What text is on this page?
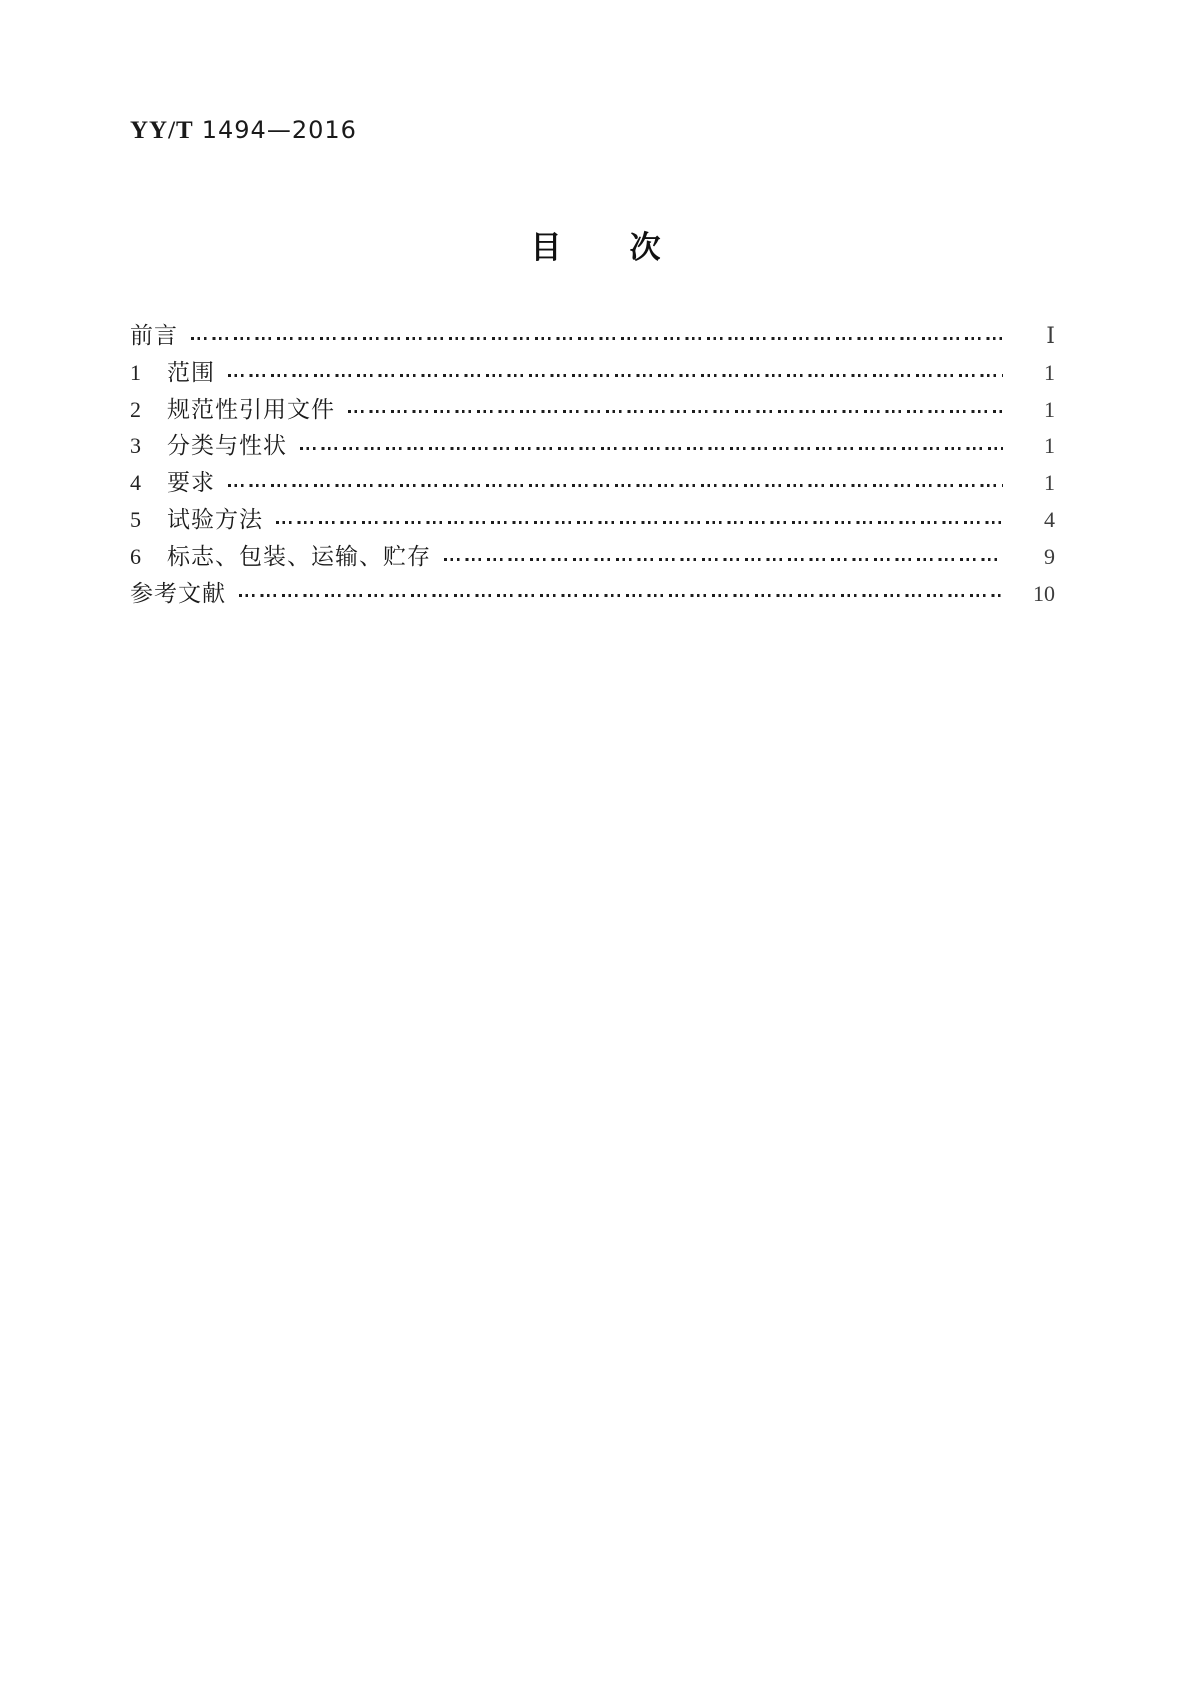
YY/T 1494—2016
目 次
前言	Ⅰ
1	范围	1
2	规范性引用文件	1
3	分类与性状	1
4	要求	1
5	试验方法	4
6	标志、包装、运输、贮存	9
参考文献	10
